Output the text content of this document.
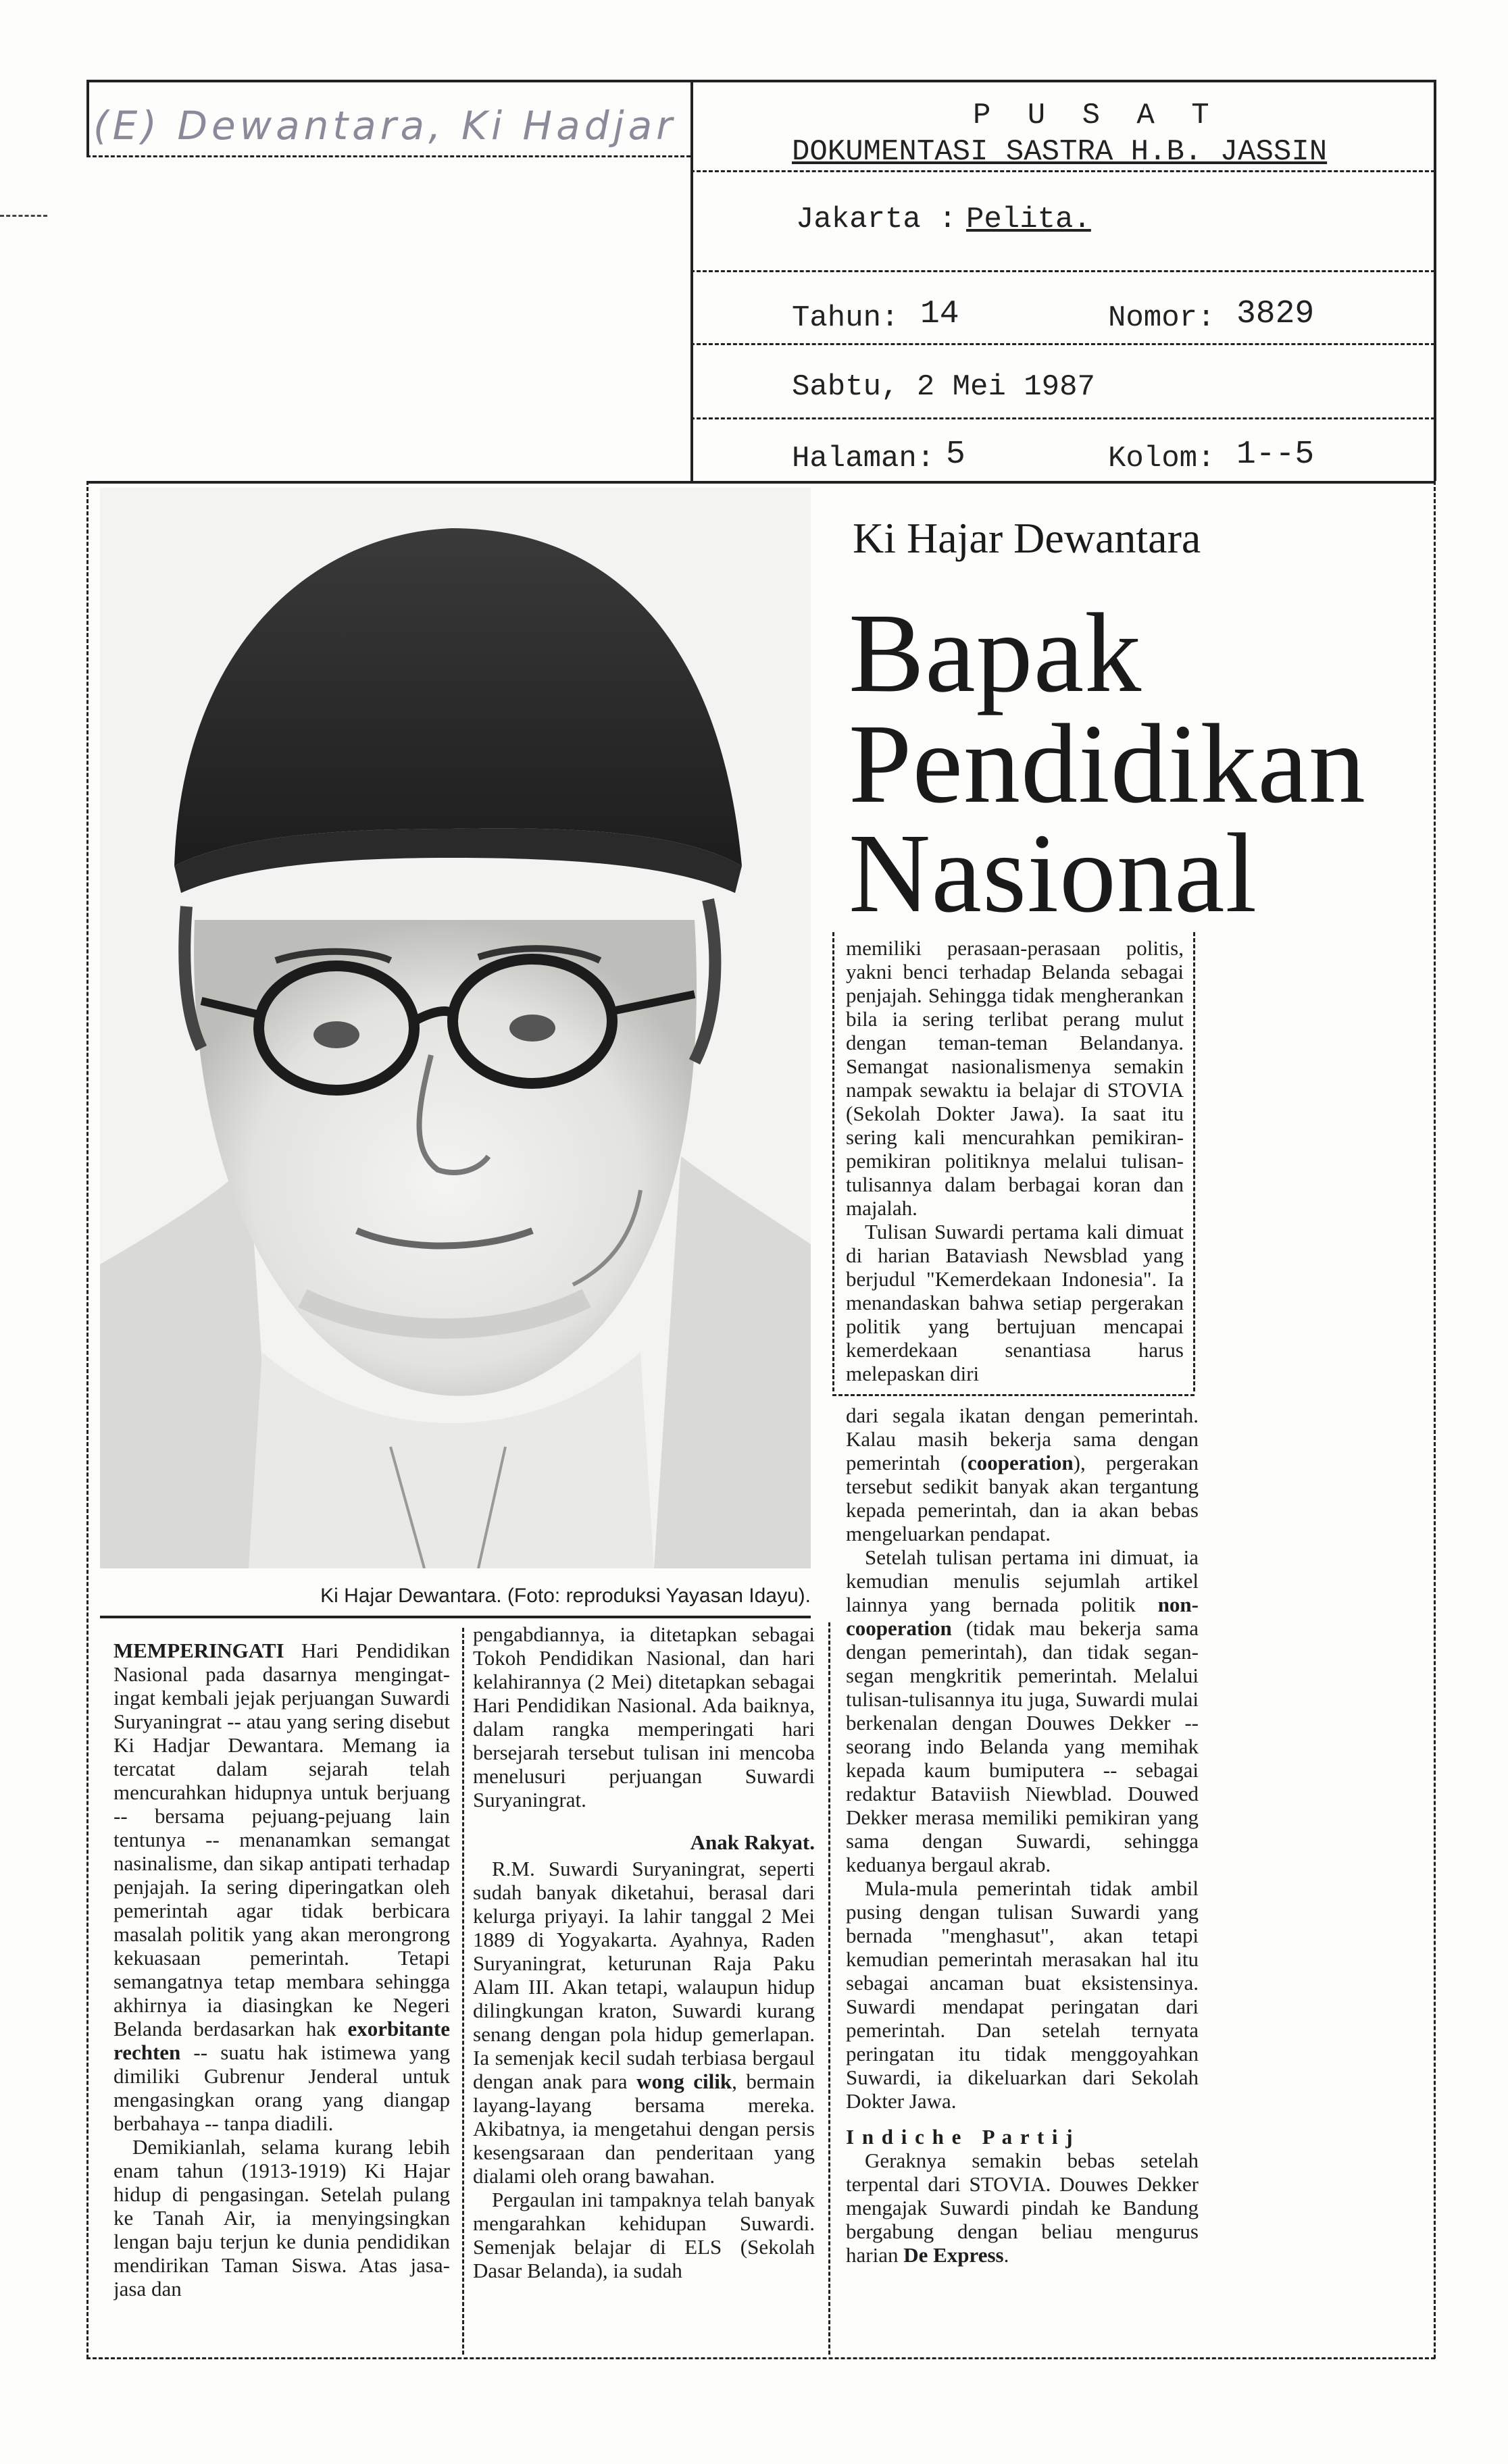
(E) Dewantara, Ki Hadjar	P U S A T
DOKUMENTASI SASTRA H.B. JASSIN
Jakarta : Pelita.
Tahun: 14	Nomor: 3829
Sabtu, 2 Mei 1987
Halaman: 5	Kolom: 1--5
Ki Hajar Dewantara. (Foto: reproduksi Yayasan Idayu).
Ki Hajar Dewantara
Bapak
Pendidikan
Nasional

MEMPERINGATI Hari Pendidikan Nasional pada dasarnya mengingat-ingat kembali jejak perjuangan Suwardi Suryaningrat -- atau yang sering disebut Ki Hadjar Dewantara. Memang ia tercatat dalam sejarah telah mencurahkan hidupnya untuk berjuang -- bersama pejuang-pejuang lain tentunya -- menanamkan semangat nasinalisme, dan sikap antipati terhadap penjajah. Ia sering diperingatkan oleh pemerintah agar tidak berbicara masalah politik yang akan merongrong kekuasaan pemerintah. Tetapi semangatnya tetap membara sehingga akhirnya ia diasingkan ke Negeri Belanda berdasarkan hak exorbitante rechten -- suatu hak istimewa yang dimiliki Gubrenur Jenderal untuk mengasingkan orang yang diangap berbahaya -- tanpa diadili.

Demikianlah, selama kurang lebih enam tahun (1913-1919) Ki Hajar hidup di pengasingan. Setelah pulang ke Tanah Air, ia menyingsingkan lengan baju terjun ke dunia pendidikan mendirikan Taman Siswa. Atas jasa-jasa dan

pengabdiannya, ia ditetapkan sebagai Tokoh Pendidikan Nasional, dan hari kelahirannya (2 Mei) ditetapkan sebagai Hari Pendidikan Nasional. Ada baiknya, dalam rangka memperingati hari bersejarah tersebut tulisan ini mencoba menelusuri perjuangan Suwardi Suryaningrat.

Anak Rakyat.

R.M. Suwardi Suryaningrat, seperti sudah banyak diketahui, berasal dari kelurga priyayi. Ia lahir tanggal 2 Mei 1889 di Yogyakarta. Ayahnya, Raden Suryaningrat, keturunan Raja Paku Alam III. Akan tetapi, walaupun hidup dilingkungan kraton, Suwardi kurang senang dengan pola hidup gemerlapan. Ia semenjak kecil sudah terbiasa bergaul dengan anak para wong cilik, bermain layang-layang bersama mereka. Akibatnya, ia mengetahui dengan persis kesengsaraan dan penderitaan yang dialami oleh orang bawahan.

Pergaulan ini tampaknya telah banyak mengarahkan kehidupan Suwardi. Semenjak belajar di ELS (Sekolah Dasar Belanda), ia sudah

memiliki perasaan-perasaan politis, yakni benci terhadap Belanda sebagai penjajah. Sehingga tidak mengherankan bila ia sering terlibat perang mulut dengan teman-teman Belandanya. Semangat nasionalismenya semakin nampak sewaktu ia belajar di STOVIA (Sekolah Dokter Jawa). Ia saat itu sering kali mencurahkan pemikiran-pemikiran politiknya melalui tulisan-tulisannya dalam berbagai koran dan majalah.

Tulisan Suwardi pertama kali dimuat di harian Bataviash Newsblad yang berjudul "Kemerdekaan Indonesia". Ia menandaskan bahwa setiap pergerakan politik yang bertujuan mencapai kemerdekaan senantiasa harus melepaskan diri

dari segala ikatan dengan pemerintah. Kalau masih bekerja sama dengan pemerintah (cooperation), pergerakan tersebut sedikit banyak akan tergantung kepada pemerintah, dan ia akan bebas mengeluarkan pendapat.

Setelah tulisan pertama ini dimuat, ia kemudian menulis sejumlah artikel lainnya yang bernada politik non-cooperation (tidak mau bekerja sama dengan pemerintah), dan tidak segan-segan mengkritik pemerintah. Melalui tulisan-tulisannya itu juga, Suwardi mulai berkenalan dengan Douwes Dekker -- seorang indo Belanda yang memihak kepada kaum bumiputera -- sebagai redaktur Bataviish Niewblad. Douwed Dekker merasa memiliki pemikiran yang sama dengan Suwardi, sehingga keduanya bergaul akrab.

Mula-mula pemerintah tidak ambil pusing dengan tulisan Suwardi yang bernada "menghasut", akan tetapi kemudian pemerintah merasakan hal itu sebagai ancaman buat eksistensinya. Suwardi mendapat peringatan dari pemerintah. Dan setelah ternyata peringatan itu tidak menggoyahkan Suwardi, ia dikeluarkan dari Sekolah Dokter Jawa.

I n d i c h e   P a r t i j

Geraknya semakin bebas setelah terpental dari STOVIA. Douwes Dekker mengajak Suwardi pindah ke Bandung bergabung dengan beliau mengurus harian De Express.
